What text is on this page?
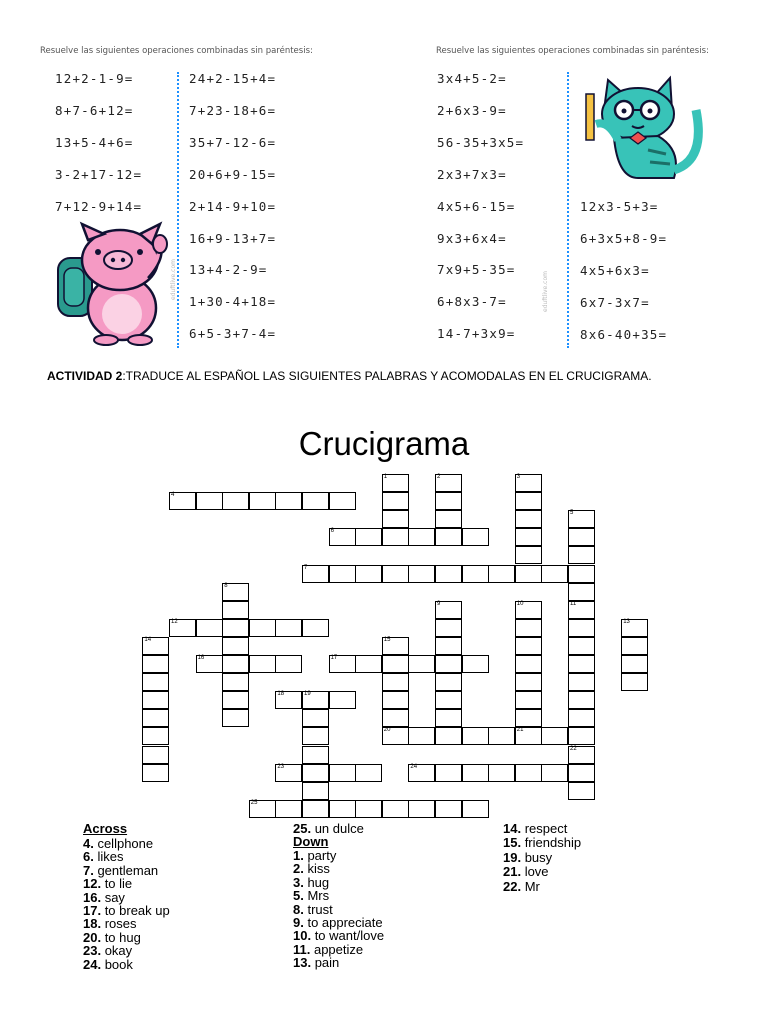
Resuelve las siguientes operaciones combinadas sin paréntesis:	Resuelve las siguientes operaciones combinadas sin paréntesis:
12+2-1-9=
8+7-6+12=
13+5-4+6=
3-2+17-12=
7+12-9+14=
24+2-15+4=
7+23-18+6=
35+7-12-6=
20+6+9-15=
2+14-9+10=
16+9-13+7=
13+4-2-9=
1+30-4+18=
6+5-3+7-4=
3x4+5-2=
2+6x3-9=
56-35+3x5=
2x3+7x3=
4x5+6-15=
9x3+6x4=
7x9+5-35=
6+8x3-7=
14-7+3x9=
12x3-5+3=
6+3x5+8-9=
4x5+6x3=
6x7-3x7=
8x6-40+35=
eduftlive.com	eduftlive.com
ACTIVIDAD 2:TRADUCE AL ESPAÑOL LAS SIGUIENTES PALABRAS Y ACOMODALAS EN EL CRUCIGRAMA.
Crucigrama
4
6
7
12
16	17
18	19
20	21
23	24
25
1	2	3
5
8
9	10	11
13
14	15
22
Across
4. cellphone
6. likes
7. gentleman
12. to lie
16. say
17. to break up
18. roses
20. to hug
23. okay
24. book
25. un dulce
Down
1. party
2. kiss
3. hug
5. Mrs
8. trust
9. to appreciate
10. to want/love
11. appetize
13. pain
14. respect
15. friendship
19. busy
21. love
22. Mr
